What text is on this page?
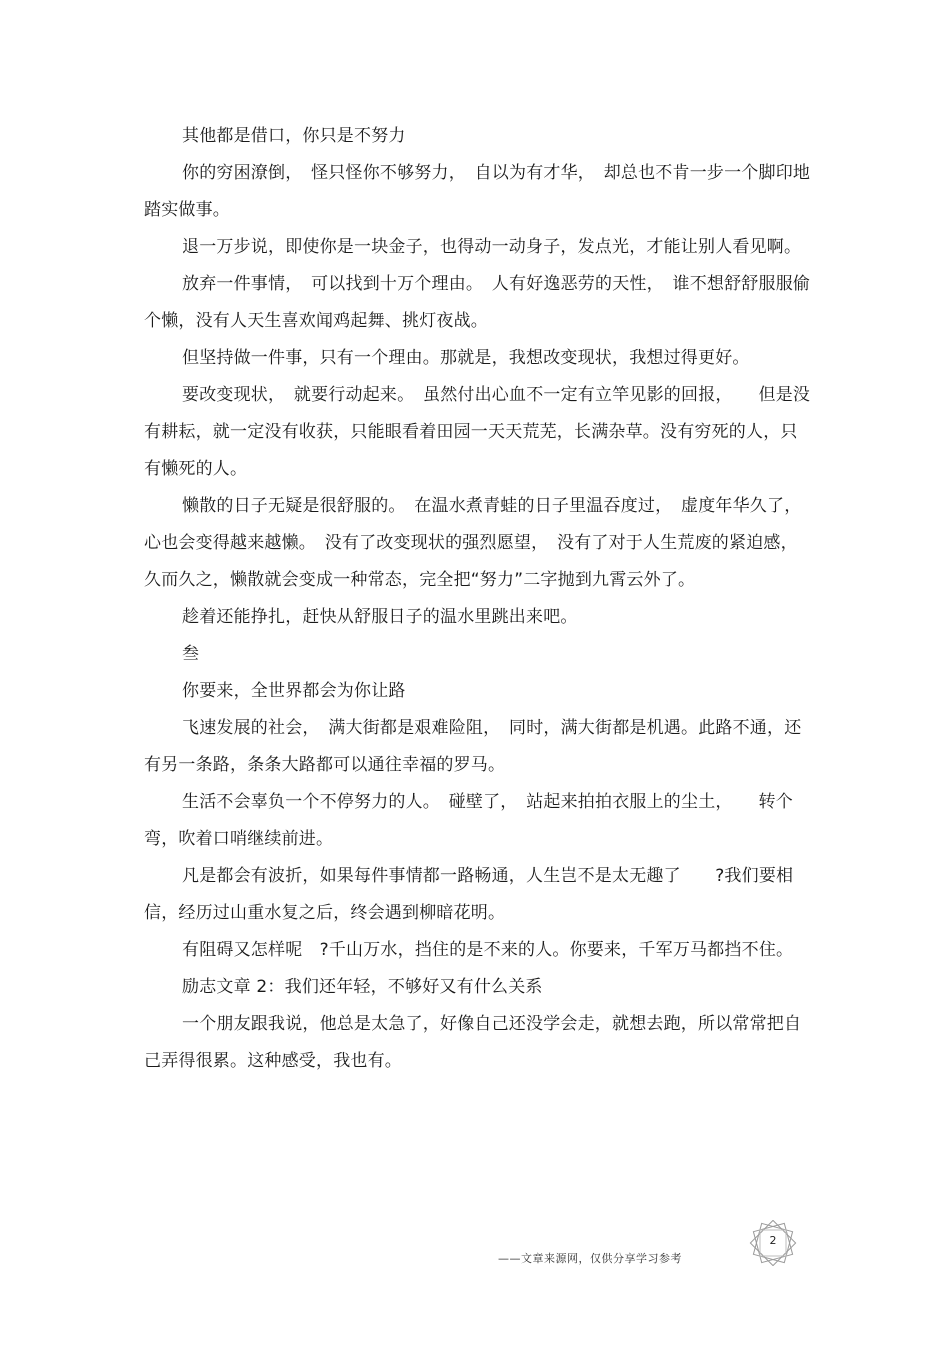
其他都是借口，你只是不努力

你的穷困潦倒，　怪只怪你不够努力，　自以为有才华，　却总也不肯一步一个脚印地踏实做事。

退一万步说，即使你是一块金子，也得动一动身子，发点光，才能让别人看见啊。

放弃一件事情，　可以找到十万个理由。　人有好逸恶劳的天性，　谁不想舒舒服服偷个懒，没有人天生喜欢闻鸡起舞、挑灯夜战。

但坚持做一件事，只有一个理由。那就是，我想改变现状，我想过得更好。

要改变现状，　就要行动起来。　虽然付出心血不一定有立竿见影的回报，　　但是没有耕耘，就一定没有收获，只能眼看着田园一天天荒芜，长满杂草。没有穷死的人，只有懒死的人。

懒散的日子无疑是很舒服的。　在温水煮青蛙的日子里温吞度过，　虚度年华久了，心也会变得越来越懒。　没有了改变现状的强烈愿望，　没有了对于人生荒废的紧迫感，久而久之，懒散就会变成一种常态，完全把“努力”二字抛到九霄云外了。

趁着还能挣扎，赶快从舒服日子的温水里跳出来吧。

叁

你要来，全世界都会为你让路

飞速发展的社会，　满大街都是艰难险阻，　同时，满大街都是机遇。此路不通，还有另一条路，条条大路都可以通往幸福的罗马。

生活不会辜负一个不停努力的人。　碰壁了，　站起来拍拍衣服上的尘土，　　转个弯，吹着口哨继续前进。

凡是都会有波折，如果每件事情都一路畅通，人生岂不是太无趣了　　?我们要相信，经历过山重水复之后，终会遇到柳暗花明。

有阻碍又怎样呢　?千山万水，挡住的是不来的人。你要来，千军万马都挡不住。

励志文章 2：我们还年轻，不够好又有什么关系

一个朋友跟我说，他总是太急了，好像自己还没学会走，就想去跑，所以常常把自己弄得很累。这种感受，我也有。

——文章来源网，仅供分享学习参考
2
